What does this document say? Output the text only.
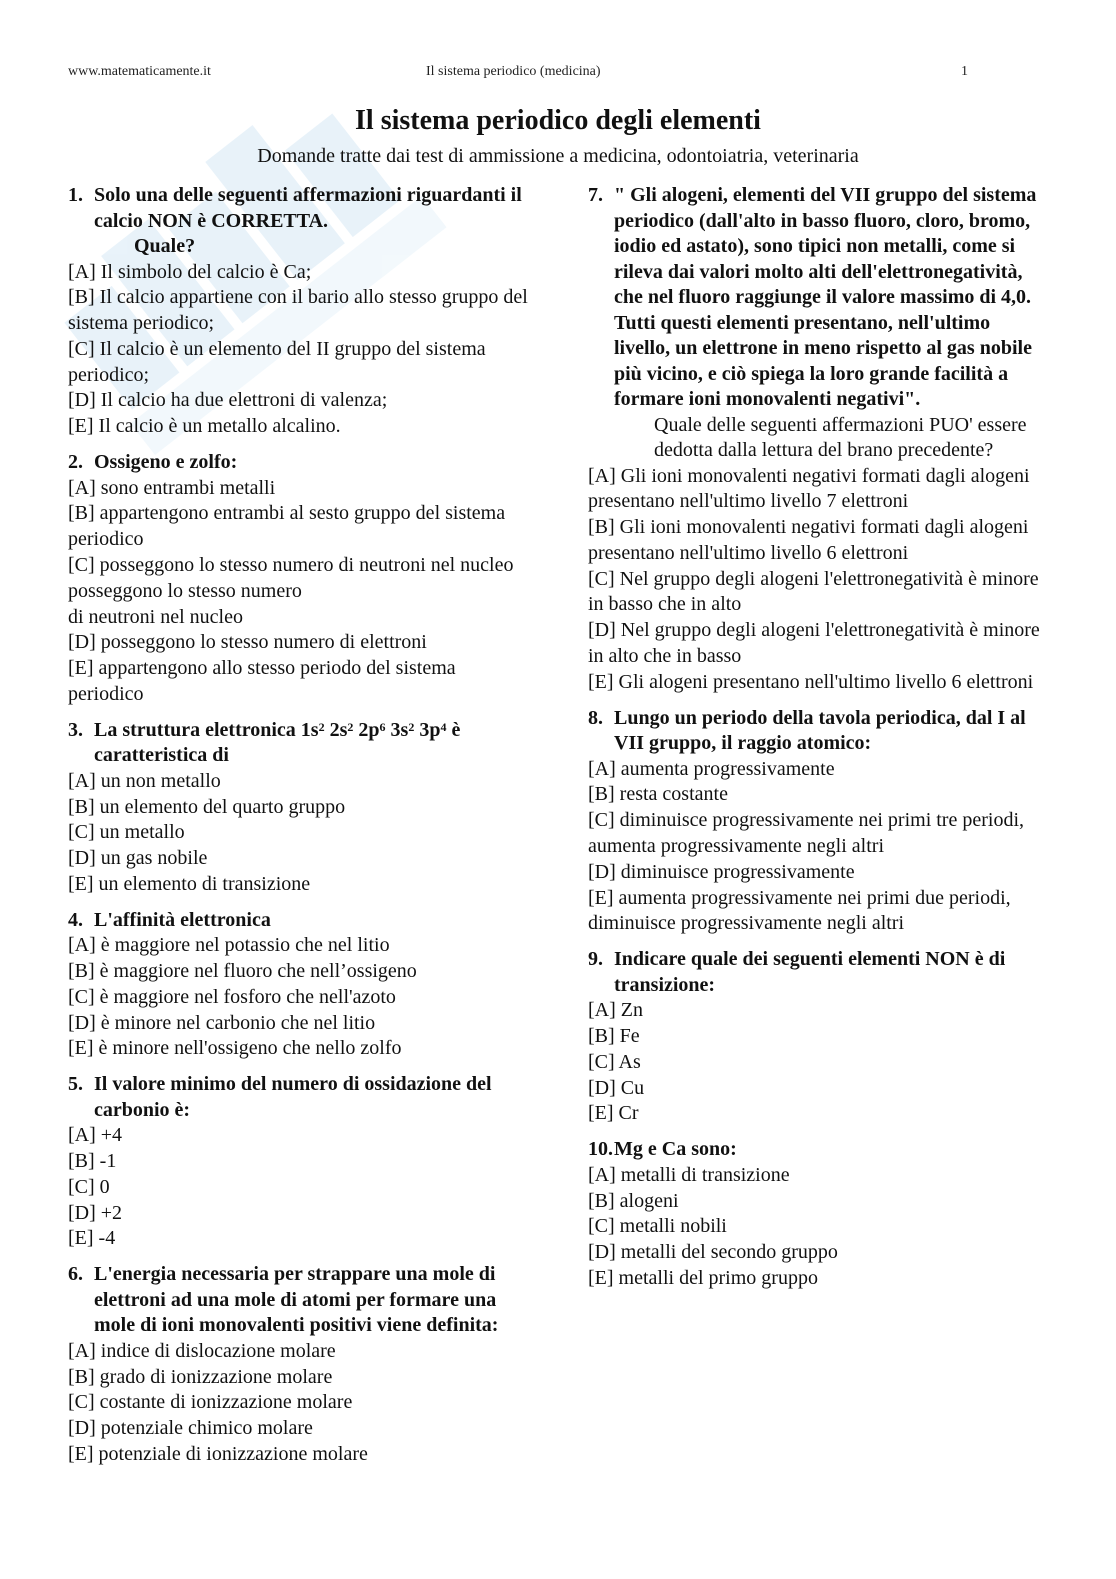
www.matematicamente.it	Il sistema periodico (medicina)	1
Il sistema periodico degli elementi

Domande tratte dai test di ammissione a medicina, odontoiatria, veterinaria

1. Solo una delle seguenti affermazioni riguardanti il calcio NON è CORRETTA.
Quale?
[A] Il simbolo del calcio è Ca;
[B] Il calcio appartiene con il bario allo stesso gruppo del sistema periodico;
[C] Il calcio è un elemento del II gruppo del sistema periodico;
[D] Il calcio ha due elettroni di valenza;
[E] Il calcio è un metallo alcalino.
2. Ossigeno e zolfo:
[A] sono entrambi metalli
[B] appartengono entrambi al sesto gruppo del sistema periodico
[C] posseggono lo stesso numero di neutroni nel nucleo posseggono lo stesso numero
di neutroni nel nucleo
[D] posseggono lo stesso numero di elettroni
[E] appartengono allo stesso periodo del sistema periodico
3. La struttura elettronica $1s^2$ $2s^2$ $2p^6$ $3s^2$ $3p^4$ è caratteristica di
[A] un non metallo
[B] un elemento del quarto gruppo
[C] un metallo
[D] un gas nobile
[E] un elemento di transizione
4. L'affinità elettronica
[A] è maggiore nel potassio che nel litio
[B] è maggiore nel fluoro che nell’ossigeno
[C] è maggiore nel fosforo che nell'azoto
[D] è minore nel carbonio che nel litio
[E] è minore nell'ossigeno che nello zolfo
5. Il valore minimo del numero di ossidazione del carbonio è:
[A] +4
[B] -1
[C] 0
[D] +2
[E] -4
6. L'energia necessaria per strappare una mole di elettroni ad una mole di atomi per formare una mole di ioni monovalenti positivi viene definita:
[A] indice di dislocazione molare
[B] grado di ionizzazione molare
[C] costante di ionizzazione molare
[D] potenziale chimico molare
[E] potenziale di ionizzazione molare
7. " Gli alogeni, elementi del VII gruppo del sistema periodico (dall'alto in basso fluoro, cloro, bromo, iodio ed astato), sono tipici non metalli, come si rileva dai valori molto alti dell'elettronegatività, che nel fluoro raggiunge il valore massimo di 4,0. Tutti questi elementi presentano, nell'ultimo livello, un elettrone in meno rispetto al gas nobile più vicino, e ciò spiega la loro grande facilità a formare ioni monovalenti negativi".
Quale delle seguenti affermazioni PUO' essere dedotta dalla lettura del brano precedente?
[A] Gli ioni monovalenti negativi formati dagli alogeni presentano nell'ultimo livello 7 elettroni
[B] Gli ioni monovalenti negativi formati dagli alogeni presentano nell'ultimo livello 6 elettroni
[C] Nel gruppo degli alogeni l'elettronegatività è minore in basso che in alto
[D] Nel gruppo degli alogeni l'elettronegatività è minore in alto che in basso
[E] Gli alogeni presentano nell'ultimo livello 6 elettroni
8. Lungo un periodo della tavola periodica, dal I al VII gruppo, il raggio atomico:
[A] aumenta progressivamente
[B] resta costante
[C] diminuisce progressivamente nei primi tre periodi, aumenta progressivamente negli altri
[D] diminuisce progressivamente
[E] aumenta progressivamente nei primi due periodi, diminuisce progressivamente negli altri
9. Indicare quale dei seguenti elementi NON è di transizione:
[A] Zn
[B] Fe
[C] As
[D] Cu
[E] Cr
10. Mg e Ca sono:
[A] metalli di transizione
[B] alogeni
[C] metalli nobili
[D] metalli del secondo gruppo
[E] metalli del primo gruppo
